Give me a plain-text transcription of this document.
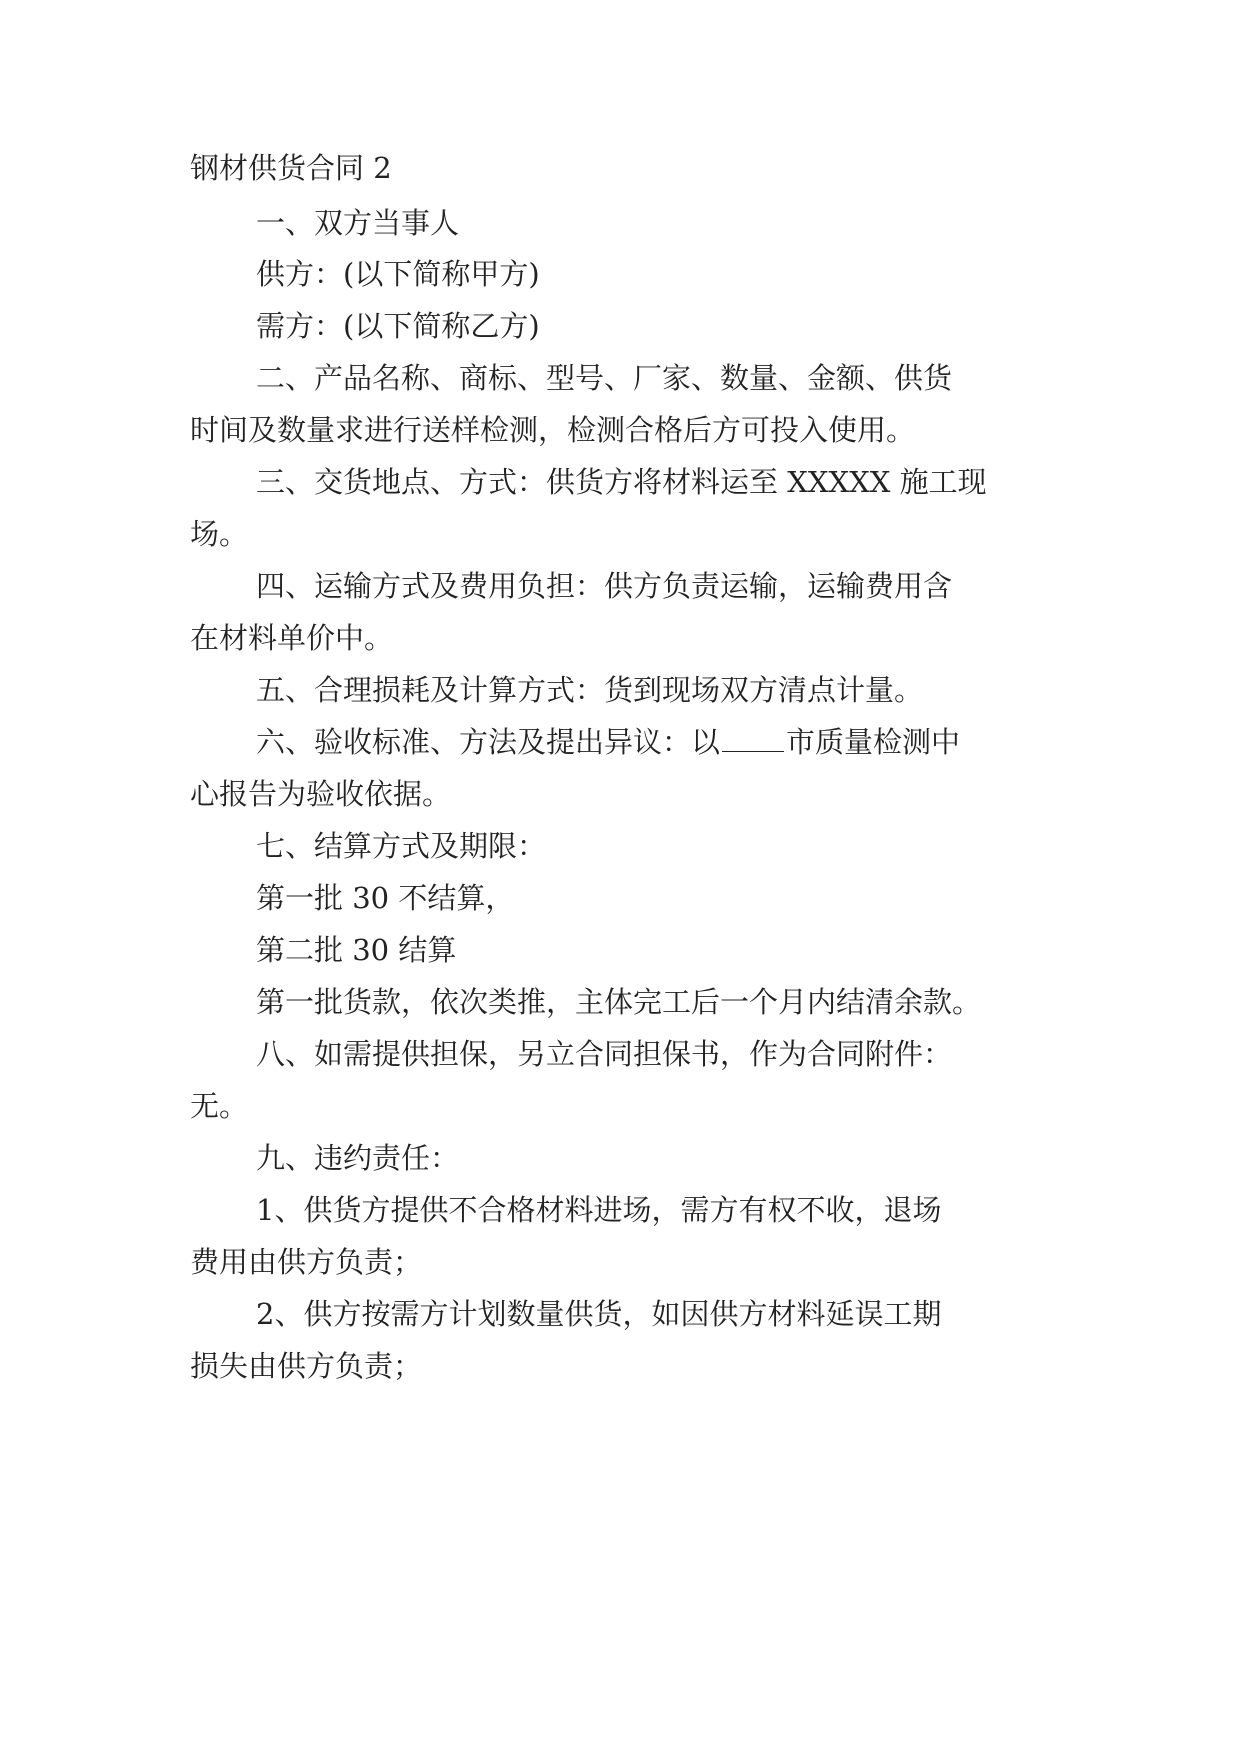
钢材供货合同 2

一、双方当事人

供方：(以下简称甲方)

需方：(以下简称乙方)

二、产品名称、商标、型号、厂家、数量、金额、供货

时间及数量求进行送样检测，检测合格后方可投入使用。

三、交货地点、方式：供货方将材料运至 XXXXX 施工现

场。

四、运输方式及费用负担：供方负责运输，运输费用含

在材料单价中。

五、合理损耗及计算方式：货到现场双方清点计量。

六、验收标准、方法及提出异议：以 市质量检测中

心报告为验收依据。

七、结算方式及期限：

第一批 30 不结算，

第二批 30 结算

第一批货款，依次类推，主体完工后一个月内结清余款。

八、如需提供担保，另立合同担保书，作为合同附件：

无。

九、违约责任：

1、供货方提供不合格材料进场，需方有权不收，退场

费用由供方负责；

2、供方按需方计划数量供货，如因供方材料延误工期

损失由供方负责；
